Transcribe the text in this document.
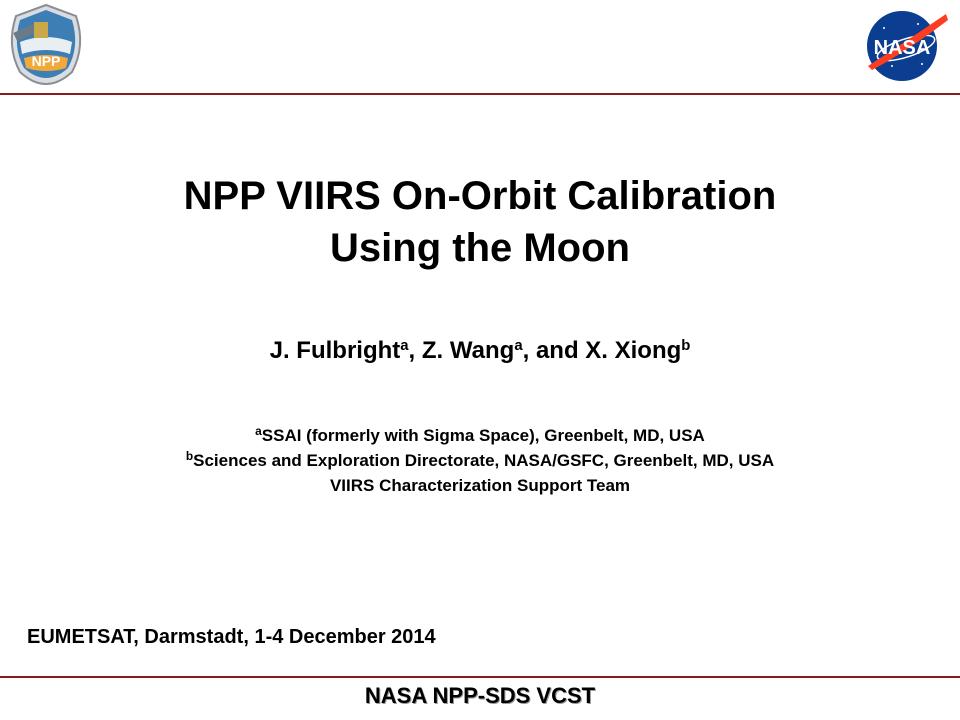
NPP
NASA
NPP VIIRS On-Orbit Calibration
Using the Moon
J. Fulbright$^a$, Z. Wang$^a$, and X. Xiong$^b$
$^a$SSAI (formerly with Sigma Space), Greenbelt, MD, USA
$^b$Sciences and Exploration Directorate, NASA/GSFC, Greenbelt, MD, USA
VIIRS Characterization Support Team
EUMETSAT, Darmstadt, 1-4 December 2014
NASA NPP-SDS VCST
